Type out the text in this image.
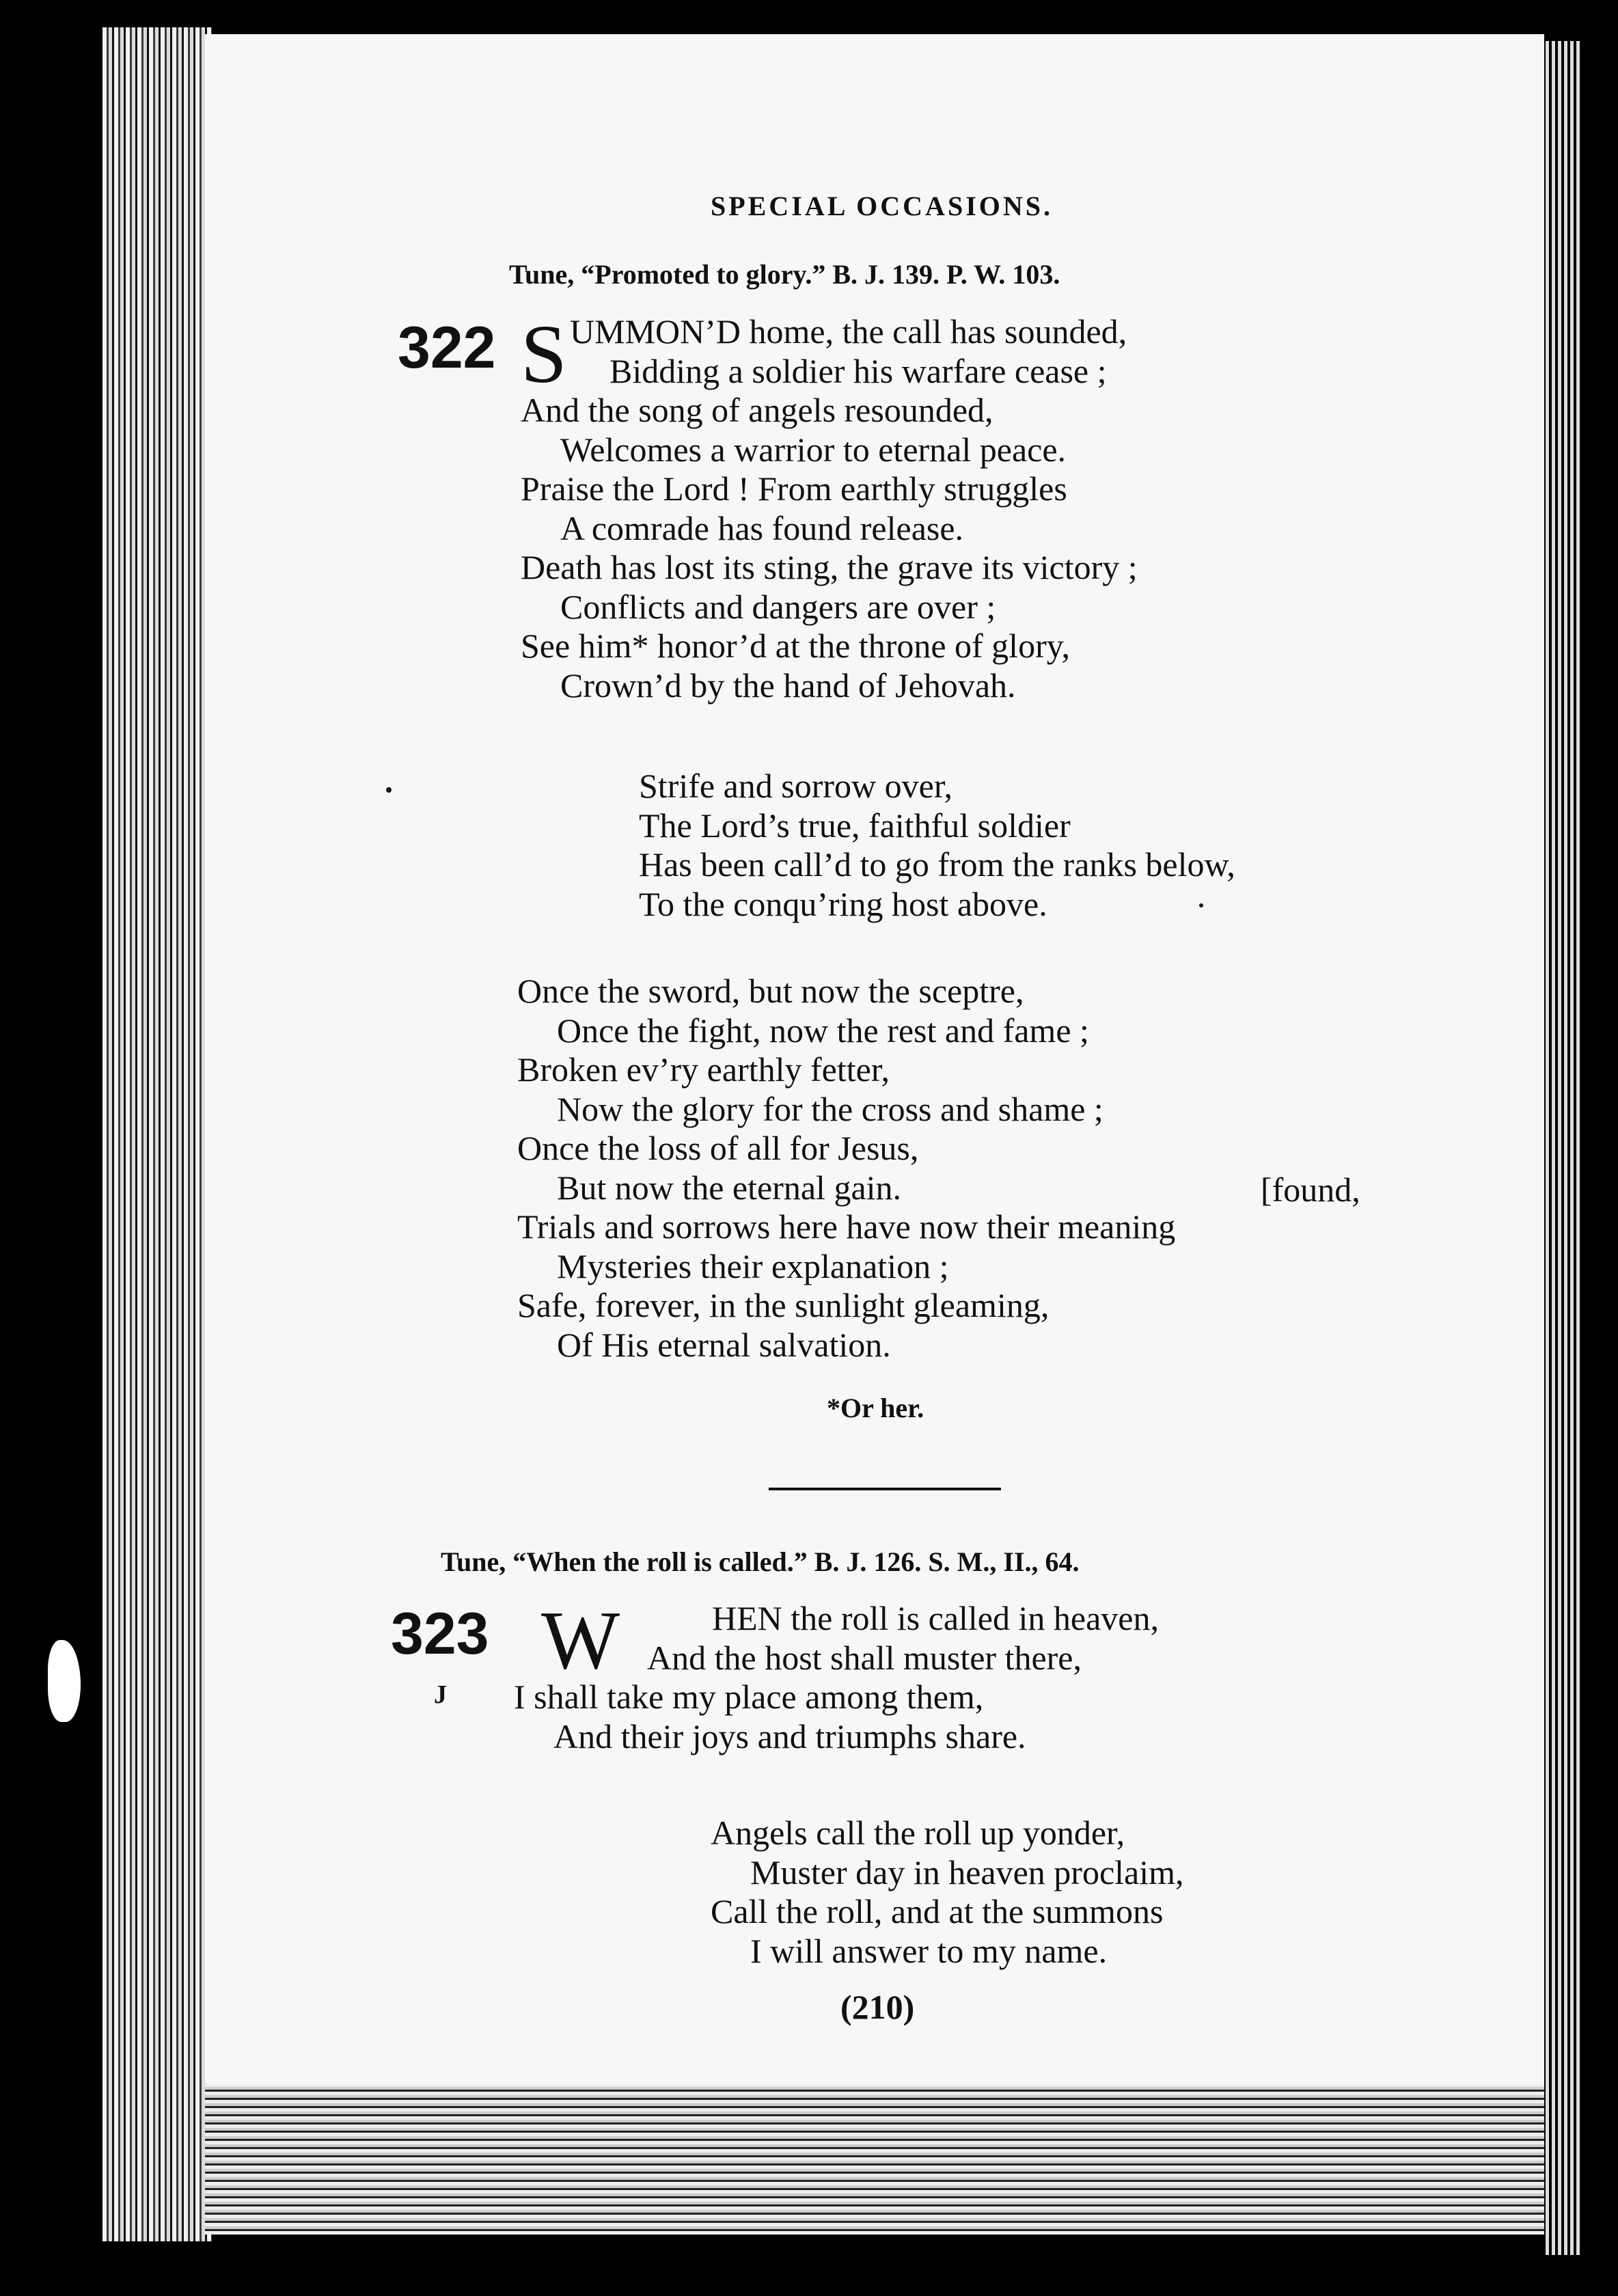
SPECIAL OCCASIONS.
Tune, “Promoted to glory.” B. J. 139. P. W. 103.
322 S UMMON’D home, the call has sounded,
Bidding a soldier his warfare cease ;
And the song of angels resounded,
Welcomes a warrior to eternal peace.
Praise the Lord ! From earthly struggles
A comrade has found release.
Death has lost its sting, the grave its victory ;
Conflicts and dangers are over ;
See him* honor’d at the throne of glory,
Crown’d by the hand of Jehovah.
Strife and sorrow over,
The Lord’s true, faithful soldier
Has been call’d to go from the ranks below,
To the conqu’ring host above.
Once the sword, but now the sceptre,
Once the fight, now the rest and fame ;
Broken ev’ry earthly fetter,
Now the glory for the cross and shame ;
Once the loss of all for Jesus,
But now the eternal gain.
Trials and sorrows here have now their meaning
Mysteries their explanation ;
Safe, forever, in the sunlight gleaming,
Of His eternal salvation.
[found,
*Or her.
Tune, “When the roll is called.” B. J. 126. S. M., II., 64.
323 W
J
HEN the roll is called in heaven,
And the host shall muster there,
I shall take my place among them,
And their joys and triumphs share.
Angels call the roll up yonder,
Muster day in heaven proclaim,
Call the roll, and at the summons
I will answer to my name.
(210)
